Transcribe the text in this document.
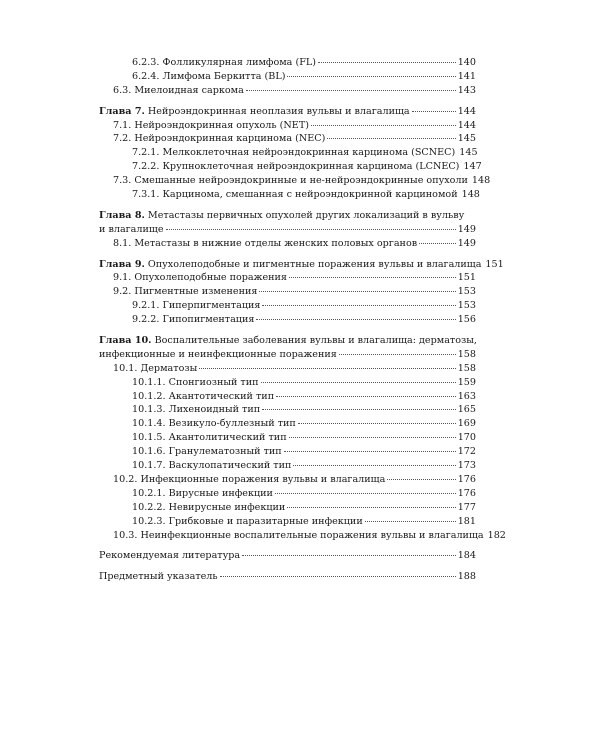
6.2.3. Фолликулярная лимфома (FL)	140
6.2.4. Лимфома Беркитта (BL)	141
6.3. Миелоидная саркома	143
Глава 7. Нейроэндокринная неоплазия вульвы и влагалища	144
7.1. Нейроэндокринная опухоль (NET)	144
7.2. Нейроэндокринная карцинома (NEC)	145
7.2.1. Мелкоклеточная нейроэндокринная карцинома (SCNEC) 145
7.2.2. Крупноклеточная нейроэндокринная карцинома (LCNEC) 147
7.3. Смешанные нейроэндокринные и не-нейроэндокринные опухоли 148
7.3.1. Карцинома, смешанная с нейроэндокринной карциномой 148
Глава 8. Метастазы первичных опухолей других локализаций в вульву
и влагалище	149
8.1. Метастазы в нижние отделы женских половых органов	149
Глава 9. Опухолеподобные и пигментные поражения вульвы и влагалища 151
9.1. Опухолеподобные поражения	151
9.2. Пигментные изменения	153
9.2.1. Гиперпигментация	153
9.2.2. Гипопигментация	156
Глава 10. Воспалительные заболевания вульвы и влагалища: дерматозы,
инфекционные и неинфекционные поражения	158
10.1. Дерматозы	158
10.1.1. Спонгиозный тип	159
10.1.2. Акантотический тип	163
10.1.3. Лихеноидный тип	165
10.1.4. Везикуло-буллезный тип	169
10.1.5. Акантолитический тип	170
10.1.6. Гранулематозный тип	172
10.1.7. Васкулопатический тип	173
10.2. Инфекционные поражения вульвы и влагалища	176
10.2.1. Вирусные инфекции	176
10.2.2. Невирусные инфекции	177
10.2.3. Грибковые и паразитарные инфекции	181
10.3. Неинфекционные воспалительные поражения вульвы и влагалища 182
Рекомендуемая литература	184
Предметный указатель	188
